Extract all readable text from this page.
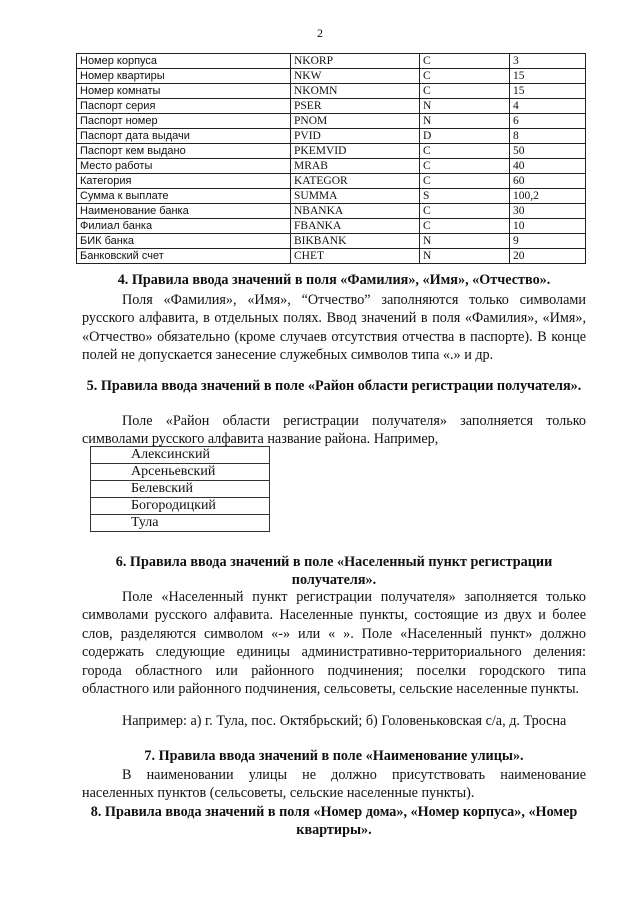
2
Номер корпуса	NKORP	C	3
Номер квартиры	NKW	C	15
Номер комнаты	NKOMN	C	15
Паспорт серия	PSER	N	4
Паспорт номер	PNOM	N	6
Паспорт дата выдачи	PVID	D	8
Паспорт кем выдано	PKEMVID	C	50
Место работы	MRAB	C	40
Категория	KATEGOR	C	60
Сумма к выплате	SUMMA	S	100,2
Наименование банка	NBANKA	C	30
Филиал банка	FBANKA	C	10
БИК банка	BIKBANK	N	9
Банковский счет	CHET	N	20
4. Правила ввода значений в поля «Фамилия», «Имя», «Отчество».
Поля «Фамилия», «Имя», “Отчество” заполняются только символами русского алфавита, в отдельных полях. Ввод значений в поля «Фамилия», «Имя», «Отчество» обязательно (кроме случаев отсутствия отчества в паспорте). В конце полей не допускается занесение служебных символов типа «.» и др.
5. Правила ввода значений в поле «Район области регистрации получателя».
Поле «Район области регистрации получателя» заполняется только символами русского алфавита название района. Например,
Алексинский
Арсеньевский
Белевский
Богородицкий
Тула
6. Правила ввода значений в поле «Населенный пункт регистрации получателя».
Поле «Населенный пункт регистрации получателя» заполняется только символами русского алфавита. Населенные пункты, состоящие из двух и более слов, разделяются символом «-» или « ». Поле «Населенный пункт» должно содержать следующие единицы административно-территориального деления: города областного или районного подчинения; поселки городского типа областного или районного подчинения, сельсоветы, сельские населенные пункты.
Например: а) г. Тула, пос. Октябрьский; б) Головеньковская с/а, д. Тросна
7. Правила ввода значений в поле «Наименование улицы».
В наименовании улицы не должно присутствовать наименование населенных пунктов (сельсоветы, сельские населенные пункты).
8. Правила ввода значений в поля «Номер дома», «Номер корпуса», «Номер квартиры».
